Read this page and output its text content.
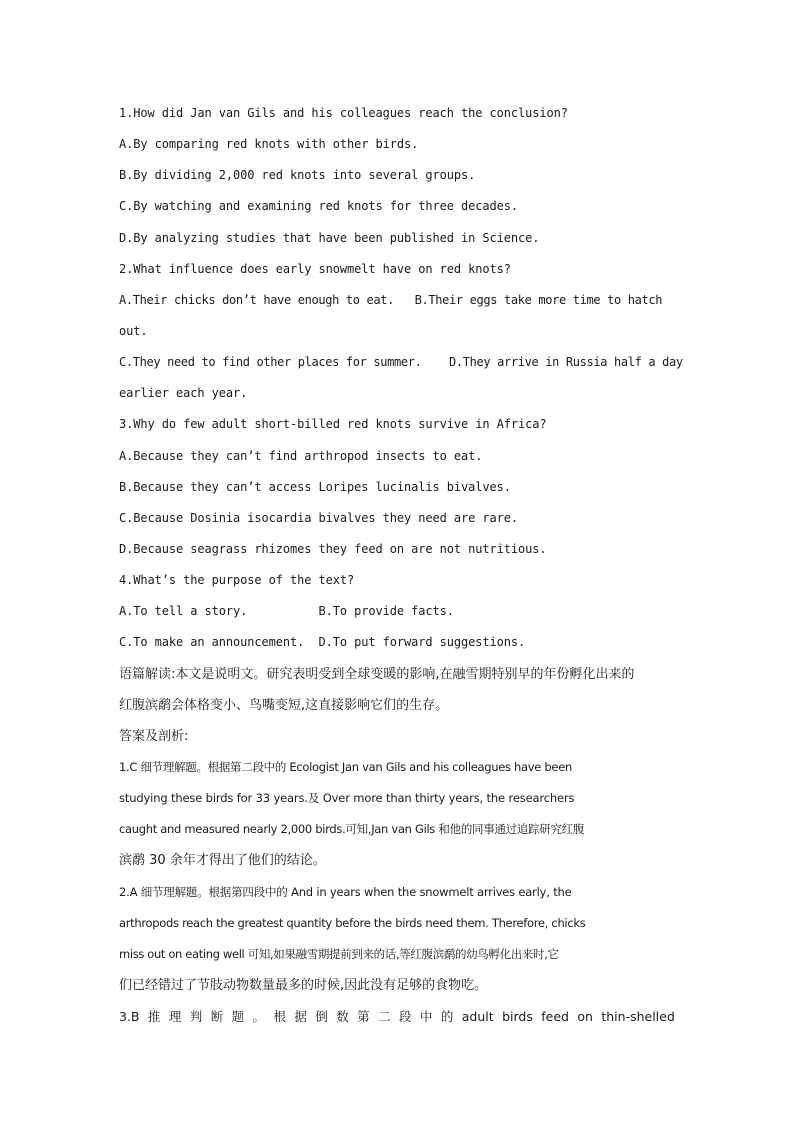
1.How did Jan van Gils and his colleagues reach the conclusion?
A.By comparing red knots with other birds.
B.By dividing 2,000 red knots into several groups.
C.By watching and examining red knots for three decades.
D.By analyzing studies that have been published in Science.
2.What influence does early snowmelt have on red knots?
A.Their chicks don’t have enough to eat.   B.Their eggs take more time to hatch
out.
C.They need to find other places for summer.    D.They arrive in Russia half a day
earlier each year.
3.Why do few adult short-billed red knots survive in Africa?
A.Because they can’t find arthropod insects to eat.
B.Because they can’t access Loripes lucinalis bivalves.
C.Because Dosinia isocardia bivalves they need are rare.
D.Because seagrass rhizomes they feed on are not nutritious.
4.What’s the purpose of the text?
A.To tell a story.          B.To provide facts.
C.To make an announcement.  D.To put forward suggestions.
语篇解读:本文是说明文。研究表明受到全球变暖的影响,在融雪期特别早的年份孵化出来的
红腹滨鹬会体格变小、鸟嘴变短,这直接影响它们的生存。
答案及剖析:
1.C 细节理解题。根据第二段中的 Ecologist Jan van Gils and his colleagues have been
studying these birds for 33 years.及 Over more than thirty years, the researchers
caught and measured nearly 2,000 birds.可知,Jan van Gils 和他的同事通过追踪研究红腹
滨鹬 30 余年才得出了他们的结论。
2.A 细节理解题。根据第四段中的 And in years when the snowmelt arrives early, the
arthropods reach the greatest quantity before the birds need them. Therefore, chicks
miss out on eating well 可知,如果融雪期提前到来的话,等红腹滨鹬的幼鸟孵化出来时,它
们已经错过了节肢动物数量最多的时候,因此没有足够的食物吃。
3.B 推 理 判 断 题 。 根 据 倒 数 第 二 段 中 的 adult birds feed on thin-shelled
